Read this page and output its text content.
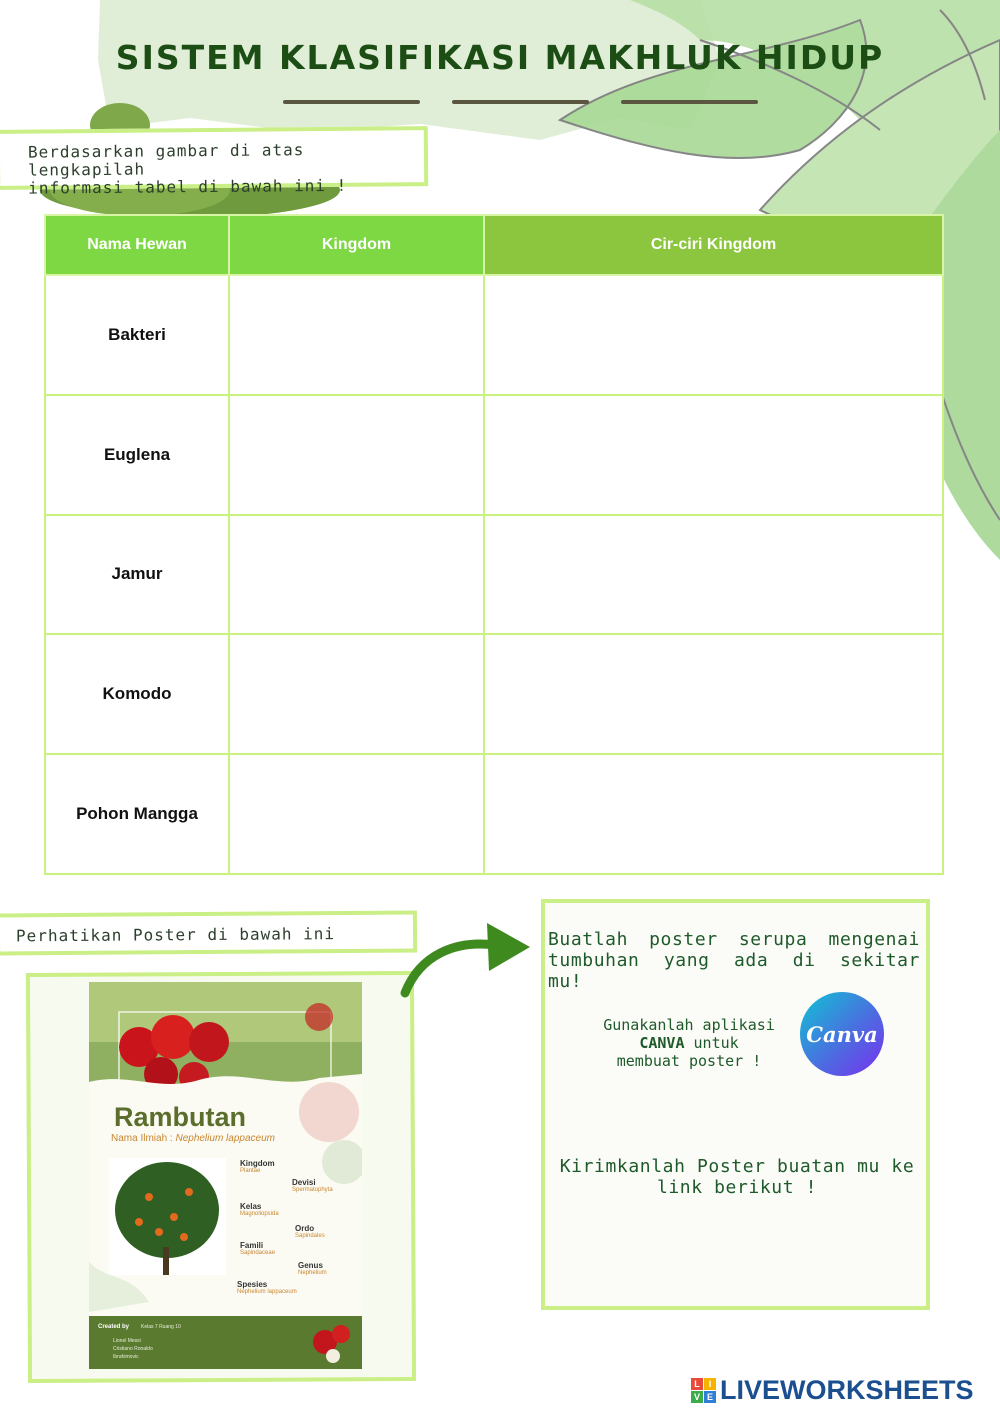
SISTEM KLASIFIKASI MAKHLUK HIDUP
Berdasarkan gambar di atas lengkapilah
informasi tabel di bawah ini !
Nama Hewan	Kingdom	Cir-ciri Kingdom
Bakteri		
Euglena		
Jamur		
Komodo		
Pohon Mangga		
Perhatikan Poster di bawah ini
Rambutan
Nama Ilmiah : Nephelium lappaceum
Kingdom
Plantae
Devisi
Spermatophyta
Kelas
Magnoliopsida
Ordo
Sapindales
Famili
Sapindaceae
Genus
Nephelium
Spesies
Nephelium lappaceum
Created by Kelas 7 Ruang 10
Lionel Messi
Cristiano Ronaldo
Ibrahimovic
Buatlah poster serupa mengenai
tumbuhan yang ada di sekitar
mu!
Gunakanlah aplikasi
CANVA untuk
membuat poster !
Canva
Kirimkanlah Poster buatan mu ke
link berikut !
L I
V E LIVEWORKSHEETS
